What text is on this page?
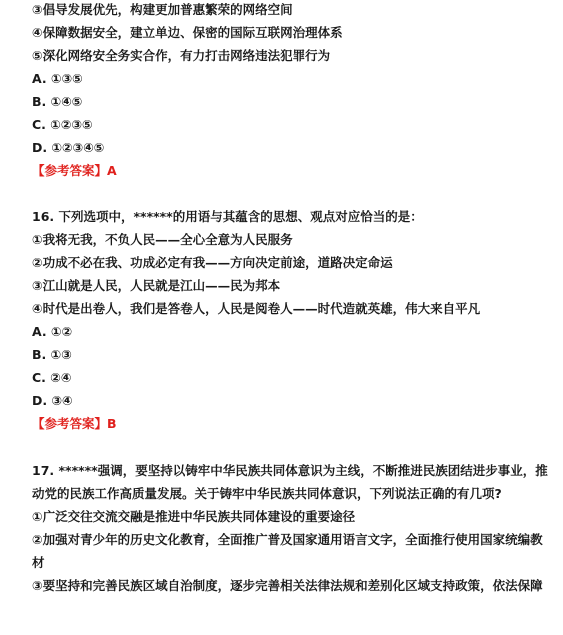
③倡导发展优先，构建更加普惠繁荣的网络空间
④保障数据安全，建立单边、保密的国际互联网治理体系
⑤深化网络安全务实合作，有力打击网络违法犯罪行为
A. ①③⑤
B. ①④⑤
C. ①②③⑤
D. ①②③④⑤
【参考答案】A
16. 下列选项中，******的用语与其蕴含的思想、观点对应恰当的是：
①我将无我，不负人民——全心全意为人民服务
②功成不必在我、功成必定有我——方向决定前途，道路决定命运
③江山就是人民，人民就是江山——民为邦本
④时代是出卷人，我们是答卷人，人民是阅卷人——时代造就英雄，伟大来自平凡
A. ①②
B. ①③
C. ②④
D. ③④
【参考答案】B
17. ******强调，要坚持以铸牢中华民族共同体意识为主线，不断推进民族团结进步事业，推
动党的民族工作高质量发展。关于铸牢中华民族共同体意识，下列说法正确的有几项?
①广泛交往交流交融是推进中华民族共同体建设的重要途径
②加强对青少年的历史文化教育，全面推广普及国家通用语言文字，全面推行使用国家统编教
材
③要坚持和完善民族区域自治制度，逐步完善相关法律法规和差别化区域支持政策，依法保障
